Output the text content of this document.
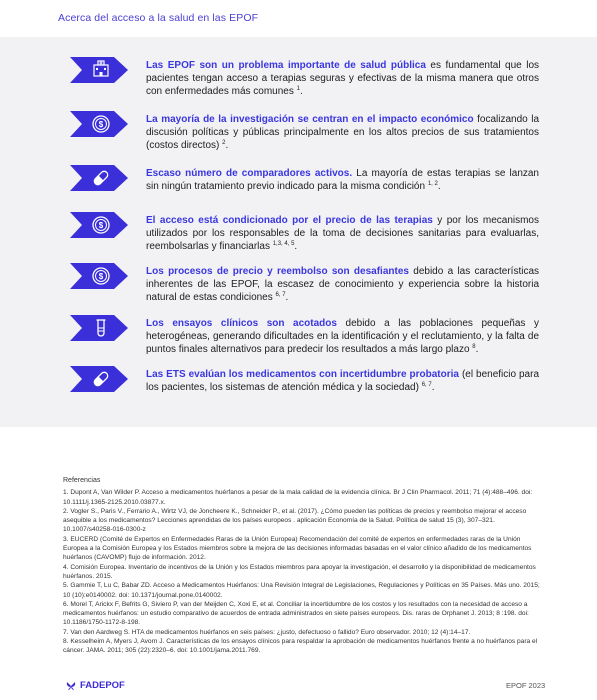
Acerca del acceso a la salud en las EPOF
Las EPOF son un problema importante de salud pública es fundamental que los pacientes tengan acceso a terapias seguras y efectivas de la misma manera que otros con enfermedades más comunes $^1$.
$	La mayoría de la investigación se centran en el impacto económico focalizando la discusión políticas y públicas principalmente en los altos precios de sus tratamientos (costos directos) $^2$.
Escaso número de comparadores activos. La mayoría de estas terapias se lanzan sin ningún tratamiento previo indicado para la misma condición $^{1, 2}$.
$	El acceso está condicionado por el precio de las terapias y por los mecanismos utilizados por los responsables de la toma de decisiones sanitarias para evaluarlas, reembolsarlas y financiarlas $^{1,3, 4, 5}$.
$	Los procesos de precio y reembolso son desafiantes debido a las características inherentes de las EPOF, la escasez de conocimiento y experiencia sobre la historia natural de estas condiciones $^{6, 7}$.
Los ensayos clínicos son acotados debido a las poblaciones pequeñas y heterogéneas, generando dificultades en la identificación y el reclutamiento, y la falta de puntos finales alternativos para predecir los resultados a más largo plazo $^8$.
Las ETS evalúan los medicamentos con incertidumbre probatoria (el beneficio para los pacientes, los sistemas de atención médica y la sociedad) $^{6, 7}$.
Referencias

1. Dupont A, Van Wilder P. Acceso a medicamentos huérfanos a pesar de la mala calidad de la evidencia clínica. Br J Clin Pharmacol. 2011; 71 (4):488–496. doi: 10.1111/j.1365-2125.2010.03877.x.

2. Vogler S., Paris V., Ferrario A., Wirtz VJ, de Joncheere K., Schneider P., et al. (2017). ¿Cómo pueden las políticas de precios y reembolso mejorar el acceso asequible a los medicamentos? Lecciones aprendidas de los países europeos . aplicación Economía de la Salud. Política de salud 15 (3), 307–321. 10.1007/s40258-016-0300-z

3. EUCERD (Comité de Expertos en Enfermedades Raras de la Unión Europea) Recomendación del comité de expertos en enfermedades raras de la Unión Europea a la Comisión Europea y los Estados miembros sobre la mejora de las decisiones informadas basadas en el valor clínico añadido de los medicamentos huérfanos (CAVOMP) flujo de información. 2012.

4. Comisión Europea. Inventario de incentivos de la Unión y los Estados miembros para apoyar la investigación, el desarrollo y la disponibilidad de medicamentos huérfanos. 2015.

5. Gammie T, Lu C, Babar ZD. Acceso a Medicamentos Huérfanos: Una Revisión Integral de Legislaciones, Regulaciones y Políticas en 35 Países. Más uno. 2015; 10 (10):e0140002. doi: 10.1371/journal.pone.0140002.

6. Morel T, Arickx F, Befrits G, Siviero P, van der Meijden C, Xoxi E, et al. Conciliar la incertidumbre de los costos y los resultados con la necesidad de acceso a medicamentos huérfanos: un estudio comparativo de acuerdos de entrada administrados en siete países europeos. Dis. raras de Orphanet J. 2013; 8 :198. doi: 10.1186/1750-1172-8-198.

7. Van den Aardweg S. HTA de medicamentos huérfanos en seis países: ¿justo, defectuoso o fallido? Euro observador. 2010; 12 (4):14–17.

8. Kesselheim A, Myers J, Avorn J. Características de los ensayos clínicos para respaldar la aprobación de medicamentos huérfanos frente a no huérfanos para el cáncer. JAMA. 2011; 305 (22):2320–6. doi: 10.1001/jama.2011.769.

FADEPOF	EPOF 2023
